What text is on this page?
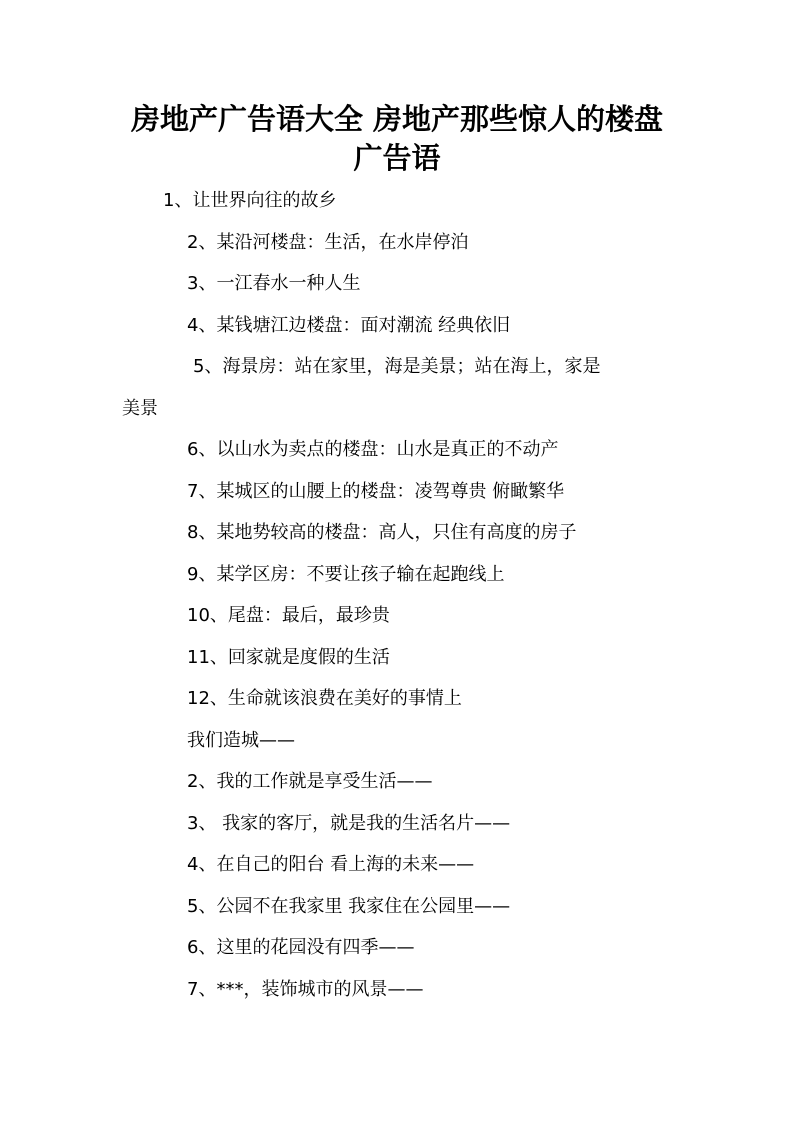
房地产广告语大全 房地产那些惊人的楼盘
广告语
1、让世界向往的故乡
2、某沿河楼盘：生活，在水岸停泊
3、一江春水一种人生
4、某钱塘江边楼盘：面对潮流 经典依旧
5、海景房：站在家里，海是美景；站在海上，家是
美景
6、以山水为卖点的楼盘：山水是真正的不动产
7、某城区的山腰上的楼盘：凌驾尊贵 俯瞰繁华
8、某地势较高的楼盘：高人，只住有高度的房子
9、某学区房：不要让孩子输在起跑线上
10、尾盘：最后，最珍贵
11、回家就是度假的生活
12、生命就该浪费在美好的事情上
我们造城——
2、我的工作就是享受生活——
3、 我家的客厅，就是我的生活名片——
4、在自己的阳台 看上海的未来——
5、公园不在我家里 我家住在公园里——
6、这里的花园没有四季——
7、***，装饰城市的风景——
